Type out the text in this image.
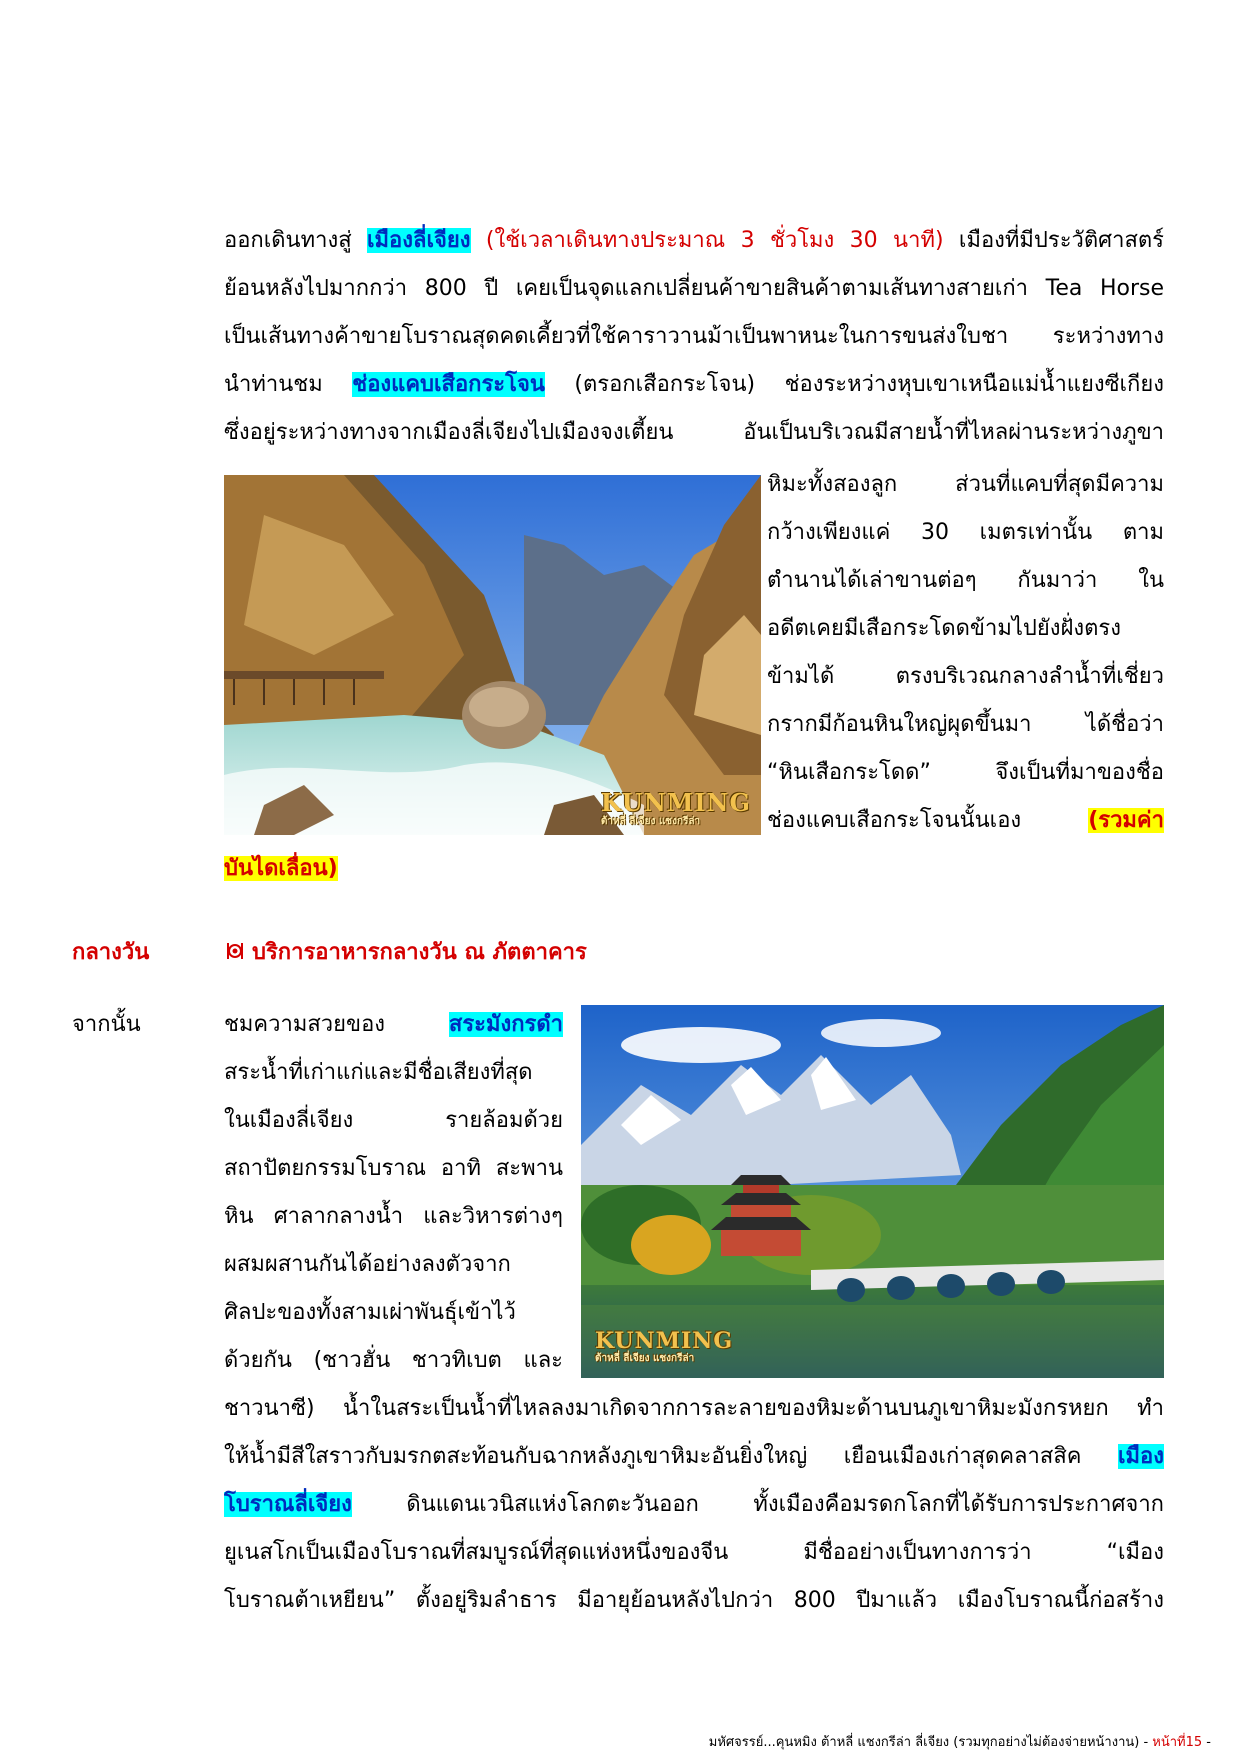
ออกเดินทางสู่ เมืองลี่เจียง (ใช้เวลาเดินทางประมาณ 3 ชั่วโมง 30 นาที) เมืองที่มีประวัติศาสตร์
ย้อนหลังไปมากกว่า 800 ปี เคยเป็นจุดแลกเปลี่ยนค้าขายสินค้าตามเส้นทางสายเก่า Tea Horse
เป็นเส้นทางค้าขายโบราณสุดคดเคี้ยวที่ใช้คาราวานม้าเป็นพาหนะในการขนส่งใบชา ระหว่างทาง
นำท่านชม ช่องแคบเสือกระโจน (ตรอกเสือกระโจน) ช่องระหว่างหุบเขาเหนือแม่น้ำแยงซีเกียง
ซึ่งอยู่ระหว่างทางจากเมืองลี่เจียงไปเมืองจงเตี้ยน อันเป็นบริเวณมีสายน้ำที่ไหลผ่านระหว่างภูขา
KUNMING
ต้าหลี่ ลี่เจียง แชงกรีล่า
หิมะทั้งสองลูก ส่วนที่แคบที่สุดมีความ
กว้างเพียงแค่ 30 เมตรเท่านั้น ตาม
ตำนานได้เล่าขานต่อๆ กันมาว่า ใน
อดีตเคยมีเสือกระโดดข้ามไปยังฝั่งตรง
ข้ามได้ ตรงบริเวณกลางลำน้ำที่เชี่ยว
กรากมีก้อนหินใหญ่ผุดขึ้นมา ได้ชื่อว่า
“หินเสือกระโดด” จึงเป็นที่มาของชื่อ
ช่องแคบเสือกระโจนนั้นเอง (รวมค่า
บันไดเลื่อน)
กลางวัน	บริการอาหารกลางวัน ณ ภัตตาคาร
จากนั้น	ชมความสวยของ สระมังกรดำ
สระน้ำที่เก่าแก่และมีชื่อเสียงที่สุด
ในเมืองลี่เจียง รายล้อมด้วย
สถาปัตยกรรมโบราณ อาทิ สะพาน
หิน ศาลากลางน้ำ และวิหารต่างๆ
ผสมผสานกันได้อย่างลงตัวจาก
ศิลปะของทั้งสามเผ่าพันธุ์เข้าไว้
ด้วยกัน (ชาวฮั่น ชาวทิเบต และ
KUNMING
ต้าหลี่ ลี่เจียง แชงกรีล่า
ชาวนาซี) น้ำในสระเป็นน้ำที่ไหลลงมาเกิดจากการละลายของหิมะด้านบนภูเขาหิมะมังกรหยก ทำ
ให้น้ำมีสีใสราวกับมรกตสะท้อนกับฉากหลังภูเขาหิมะอันยิ่งใหญ่ เยือนเมืองเก่าสุดคลาสสิค เมือง
โบราณลี่เจียง ดินแดนเวนิสแห่งโลกตะวันออก ทั้งเมืองคือมรดกโลกที่ได้รับการประกาศจาก
ยูเนสโกเป็นเมืองโบราณที่สมบูรณ์ที่สุดแห่งหนึ่งของจีน มีชื่ออย่างเป็นทางการว่า “เมือง
โบราณต้าเหยียน” ตั้งอยู่ริมลำธาร มีอายุย้อนหลังไปกว่า 800 ปีมาแล้ว เมืองโบราณนี้ก่อสร้าง
มหัศจรรย์...คุนหมิง ต้าหลี่ แชงกรีล่า ลี่เจียง (รวมทุกอย่างไม่ต้องจ่ายหน้างาน) - หน้าที่15 -
